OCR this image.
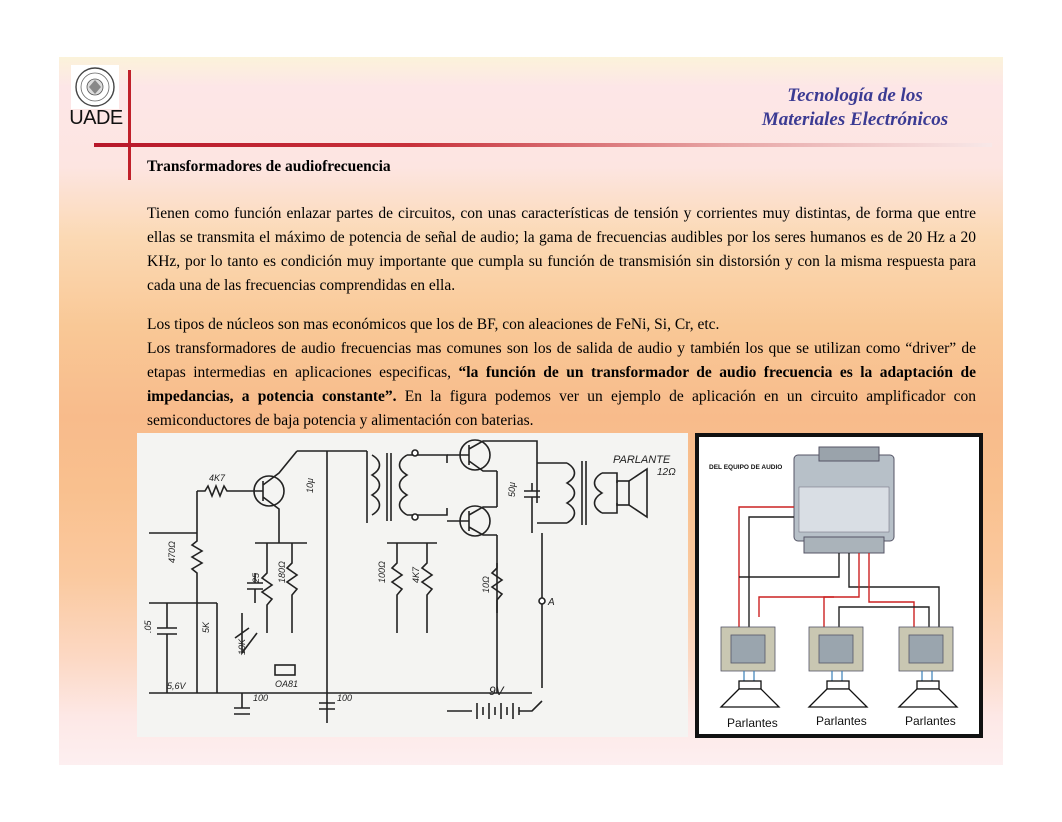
UADE
Tecnología de los
Materiales Electrónicos
Transformadores de audiofrecuencia

Tienen como función enlazar partes de circuitos, con unas características de tensión y corrientes muy distintas, de forma que entre ellas se transmita el máximo de potencia de señal de audio; la gama de frecuencias audibles por los seres humanos es de 20 Hz a 20 KHz, por lo tanto es condición muy importante que cumpla su función de transmisión sin distorsión y con la misma respuesta para cada una de las frecuencias comprendidas en ella.

Los tipos de núcleos son mas económicos que los de BF, con aleaciones de FeNi, Si, Cr, etc.
Los transformadores de audio frecuencias mas comunes son los de salida de audio y también los que se utilizan como “driver” de etapas intermedias en aplicaciones especificas, “la función de un transformador de audio frecuencia es la adaptación de impedancias, a potencia constante”. En la figura podemos ver un ejemplo de aplicación en un circuito amplificador con semiconductores de baja potencia y alimentación con baterias.
PARLANTE
12Ω
4K7
470Ω
180Ω	100Ω	4K7
10Ω
.05
10μ
25
50μ
100	100
10K
5K
9V
A
5,6V	OA81
DEL EQUIPO DE AUDIO
Parlantes	Parlantes	Parlantes
